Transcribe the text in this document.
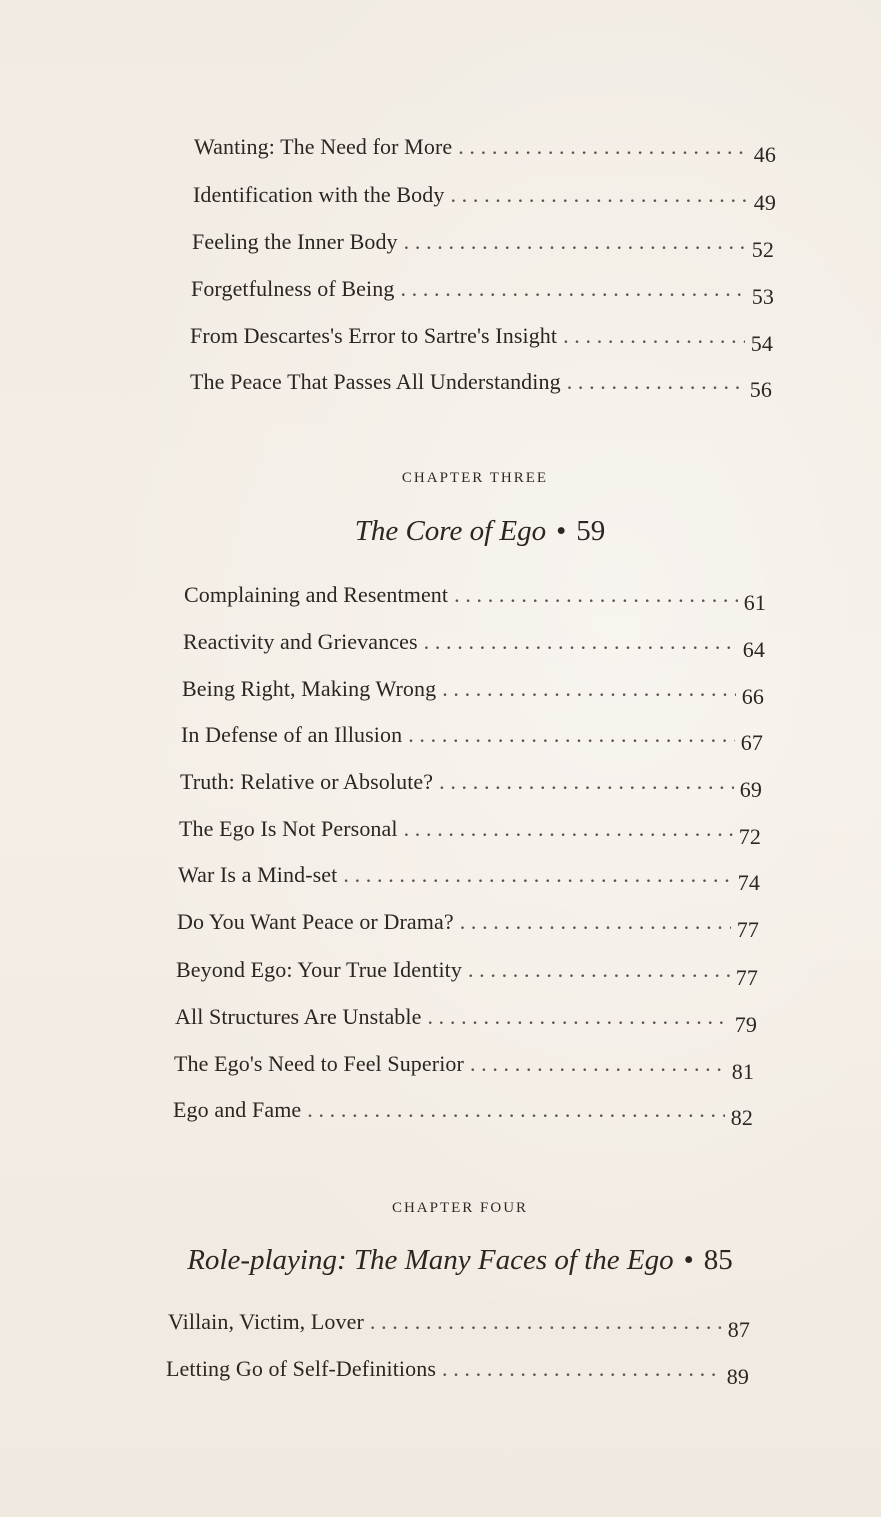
Wanting: The Need for More . . .	46
Identification with the Body . . .	49
Feeling the Inner Body . . .	52
Forgetfulness of Being . . .	53
From Descartes's Error to Sartre's Insight . . .	54
The Peace That Passes All Understanding . . .	56
CHAPTER THREE
The Core of Ego • 59
Complaining and Resentment . . .	61
Reactivity and Grievances . . .	64
Being Right, Making Wrong . . .	66
In Defense of an Illusion . . .	67
Truth: Relative or Absolute? . . .	69
The Ego Is Not Personal . . .	72
War Is a Mind-set . . .	74
Do You Want Peace or Drama? . . .	77
Beyond Ego: Your True Identity . . .	77
All Structures Are Unstable . . .	79
The Ego's Need to Feel Superior . . .	81
Ego and Fame . . .	82
CHAPTER FOUR
Role-playing: The Many Faces of the Ego • 85
Villain, Victim, Lover . . .	87
Letting Go of Self-Definitions . . .	89
